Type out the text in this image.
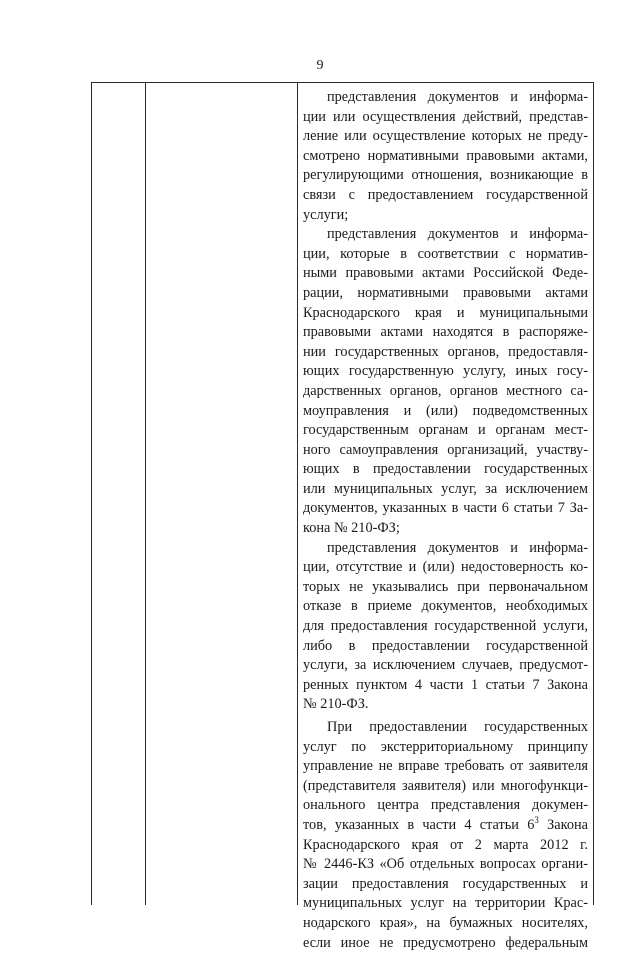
9
представления документов и информа-
ции или осуществления действий, представ-
ление или осуществление которых не преду-
смотрено нормативными правовыми актами,
регулирующими отношения, возникающие в
связи с предоставлением государственной
услуги;
представления документов и информа-
ции, которые в соответствии с норматив-
ными правовыми актами Российской Феде-
рации, нормативными правовыми актами
Краснодарского края и муниципальными
правовыми актами находятся в распоряже-
нии государственных органов, предоставля-
ющих государственную услугу, иных госу-
дарственных органов, органов местного са-
моуправления и (или) подведомственных
государственным органам и органам мест-
ного самоуправления организаций, участву-
ющих в предоставлении государственных
или муниципальных услуг, за исключением
документов, указанных в части 6 статьи 7 За-
кона № 210-ФЗ;
представления документов и информа-
ции, отсутствие и (или) недостоверность ко-
торых не указывались при первоначальном
отказе в приеме документов, необходимых
для предоставления государственной услуги,
либо в предоставлении государственной
услуги, за исключением случаев, предусмот-
ренных пунктом 4 части 1 статьи 7 Закона
№ 210-ФЗ.
При предоставлении государственных
услуг по экстерриториальному принципу
управление не вправе требовать от заявителя
(представителя заявителя) или многофункци-
онального центра представления докумен-
тов, указанных в части 4 статьи $6^3$ Закона
Краснодарского края от 2 марта 2012 г.
№ 2446-КЗ «Об отдельных вопросах органи-
зации предоставления государственных и
муниципальных услуг на территории Крас-
нодарского края», на бумажных носителях,
если иное не предусмотрено федеральным
